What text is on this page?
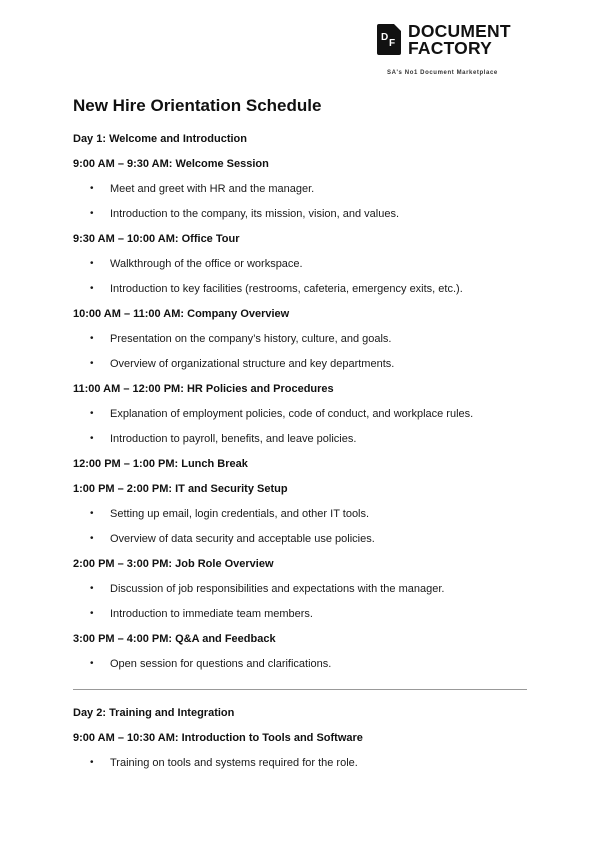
D
F
DOCUMENT
FACTORY
SA's No1 Document Marketplace
New Hire Orientation Schedule
Day 1: Welcome and Introduction
9:00 AM – 9:30 AM: Welcome Session
• Meet and greet with HR and the manager.
• Introduction to the company, its mission, vision, and values.
9:30 AM – 10:00 AM: Office Tour
• Walkthrough of the office or workspace.
• Introduction to key facilities (restrooms, cafeteria, emergency exits, etc.).
10:00 AM – 11:00 AM: Company Overview
• Presentation on the company’s history, culture, and goals.
• Overview of organizational structure and key departments.
11:00 AM – 12:00 PM: HR Policies and Procedures
• Explanation of employment policies, code of conduct, and workplace rules.
• Introduction to payroll, benefits, and leave policies.
12:00 PM – 1:00 PM: Lunch Break
1:00 PM – 2:00 PM: IT and Security Setup
• Setting up email, login credentials, and other IT tools.
• Overview of data security and acceptable use policies.
2:00 PM – 3:00 PM: Job Role Overview
• Discussion of job responsibilities and expectations with the manager.
• Introduction to immediate team members.
3:00 PM – 4:00 PM: Q&A and Feedback
• Open session for questions and clarifications.
Day 2: Training and Integration
9:00 AM – 10:30 AM: Introduction to Tools and Software
• Training on tools and systems required for the role.
